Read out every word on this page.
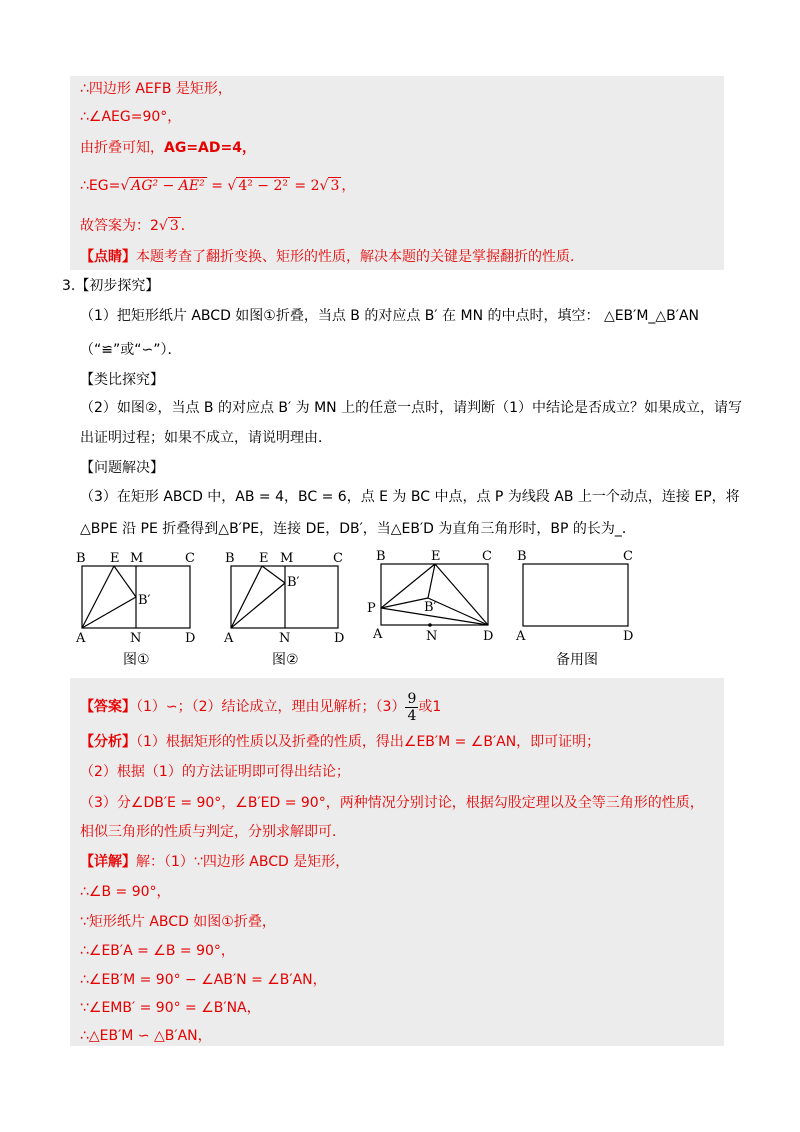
∴四边形 AEFB 是矩形，
∴∠AEG=90°，
由折叠可知，AG=AD=4，
∴EG=√ AG² − AE² = √ 4² − 2² = 2√ 3 ，
故答案为：2√ 3 ．
【点睛】本题考查了翻折变换、矩形的性质，解决本题的关键是掌握翻折的性质．
3.【初步探究】
（1）把矩形纸片 ABCD 如图①折叠，当点 B 的对应点 B′ 在 MN 的中点时，填空： △EB′M_△B′AN
（“≌”或“∽”）．
【类比探究】
（2）如图②，当点 B 的对应点 B′ 为 MN 上的任意一点时，请判断（1）中结论是否成立？如果成立，请写
出证明过程；如果不成立，请说明理由．
【问题解决】
（3）在矩形 ABCD 中，AB = 4，BC = 6，点 E 为 BC 中点，点 P 为线段 AB 上一个动点，连接 EP，将
△BPE 沿 PE 折叠得到△B′PE，连接 DE，DB′，当△EB′D 为直角三角形时，BP 的长为_．
B E M	C
B′
A	N	D
图①
B E M	C
B′
A	N	D
图②
B	E	C
P	B′
A	N	D
B	C
A	D
备用图
【答案】（1）∽；（2）结论成立，理由见解析；$(3) \frac{9}{4}$ 或1
【分析】（1）根据矩形的性质以及折叠的性质，得出∠EB′M = ∠B′AN，即可证明；
（2）根据（1）的方法证明即可得出结论；
（3）分∠DB′E = 90°，∠B′ED = 90°，两种情况分别讨论，根据勾股定理以及全等三角形的性质，
相似三角形的性质与判定，分别求解即可．
【详解】解：（1）∵四边形 ABCD 是矩形，
∴∠B = 90°，
∵矩形纸片 ABCD 如图①折叠，
∴∠EB′A = ∠B = 90°，
∴∠EB′M = 90° − ∠AB′N = ∠B′AN，
∵∠EMB′ = 90° = ∠B′NA，
∴△EB′M ∽ △B′AN，
